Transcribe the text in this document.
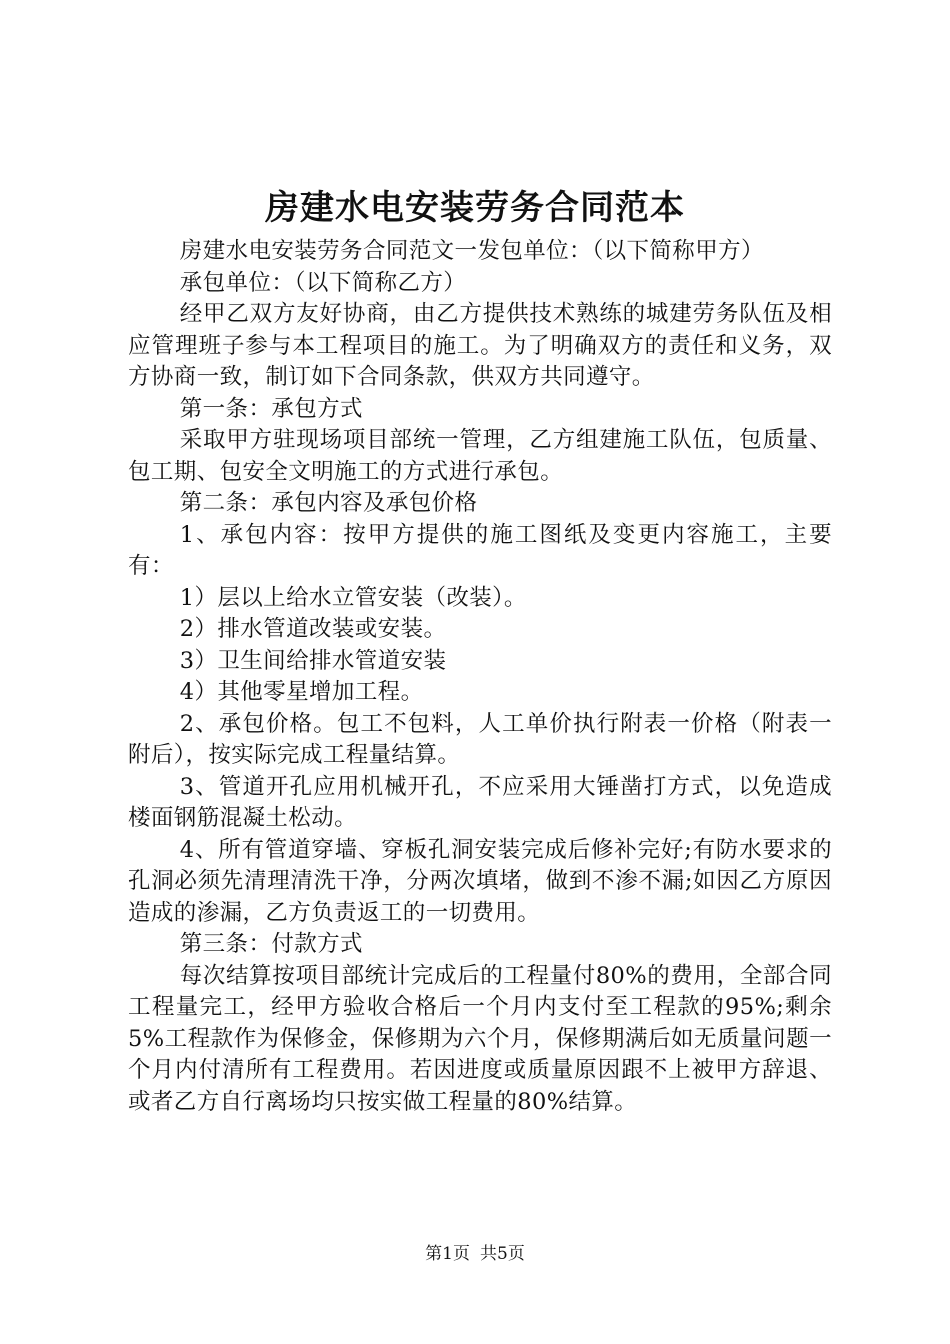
房建水电安装劳务合同范本

房建水电安装劳务合同范文一发包单位：（以下简称甲方）

承包单位：（以下简称乙方）

经甲乙双方友好协商，由乙方提供技术熟练的城建劳务队伍及相应管理班子参与本工程项目的施工。为了明确双方的责任和义务，双方协商一致，制订如下合同条款，供双方共同遵守。

第一条：承包方式

采取甲方驻现场项目部统一管理，乙方组建施工队伍，包质量、包工期、包安全文明施工的方式进行承包。

第二条：承包内容及承包价格

1、承包内容：按甲方提供的施工图纸及变更内容施工，主要有：

1）层以上给水立管安装（改装）。

2）排水管道改装或安装。

3）卫生间给排水管道安装

4）其他零星增加工程。

2、承包价格。包工不包料，人工单价执行附表一价格（附表一附后），按实际完成工程量结算。

3、管道开孔应用机械开孔，不应采用大锤凿打方式，以免造成楼面钢筋混凝土松动。

4、所有管道穿墙、穿板孔洞安装完成后修补完好;有防水要求的孔洞必须先清理清洗干净，分两次填堵，做到不渗不漏;如因乙方原因造成的渗漏，乙方负责返工的一切费用。

第三条：付款方式

每次结算按项目部统计完成后的工程量付80%的费用，全部合同工程量完工，经甲方验收合格后一个月内支付至工程款的95%;剩余5%工程款作为保修金，保修期为六个月，保修期满后如无质量问题一个月内付清所有工程费用。若因进度或质量原因跟不上被甲方辞退、或者乙方自行离场均只按实做工程量的80%结算。

第1页 共5页
